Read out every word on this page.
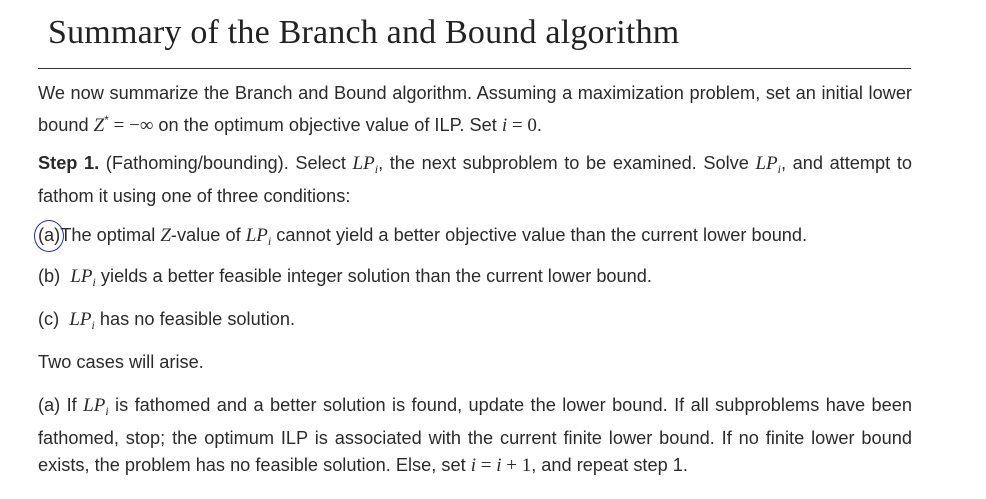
Summary of the Branch and Bound algorithm

We now summarize the Branch and Bound algorithm. Assuming a maximization problem, set an initial lower bound Z* = −∞ on the optimum objective value of ILP. Set i = 0.

Step 1. (Fathoming/bounding). Select $LP_i$, the next subproblem to be examined. Solve $LP_i$, and attempt to fathom it using one of three conditions:

(a)The optimal Z-value of $LP_i$ cannot yield a better objective value than the current lower bound.

(b) $LP_i$ yields a better feasible integer solution than the current lower bound.

(c) $LP_i$ has no feasible solution.

Two cases will arise.

(a) If $LP_i$ is fathomed and a better solution is found, update the lower bound. If all subproblems have been fathomed, stop; the optimum ILP is associated with the current finite lower bound. If no finite lower bound exists, the problem has no feasible solution. Else, set i = i + 1, and repeat step 1.
